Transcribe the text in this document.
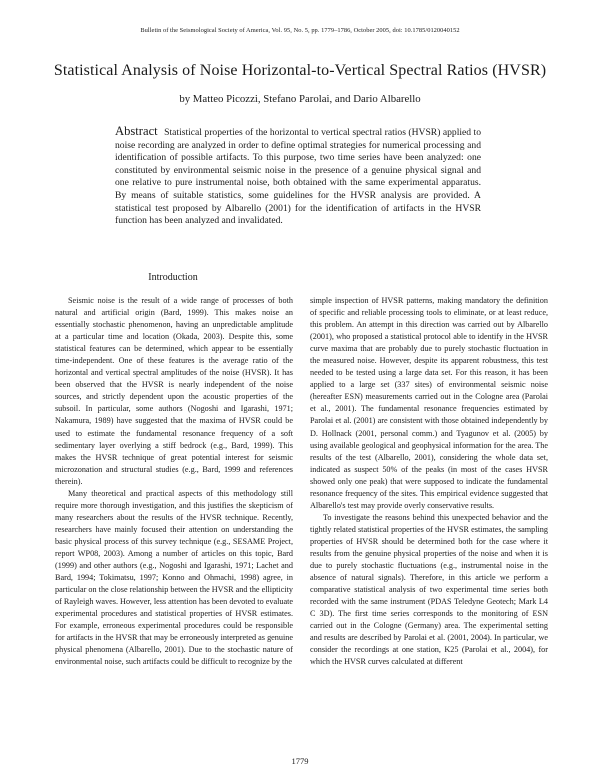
Bulletin of the Seismological Society of America, Vol. 95, No. 5, pp. 1779–1786, October 2005, doi: 10.1785/0120040152
Statistical Analysis of Noise Horizontal-to-Vertical Spectral Ratios (HVSR)
by Matteo Picozzi, Stefano Parolai, and Dario Albarello
Abstract Statistical properties of the horizontal to vertical spectral ratios (HVSR) applied to noise recording are analyzed in order to define optimal strategies for numerical processing and identification of possible artifacts. To this purpose, two time series have been analyzed: one constituted by environmental seismic noise in the presence of a genuine physical signal and one relative to pure instrumental noise, both obtained with the same experimental apparatus. By means of suitable statistics, some guidelines for the HVSR analysis are provided. A statistical test proposed by Albarello (2001) for the identification of artifacts in the HVSR function has been analyzed and invalidated.
Introduction

Seismic noise is the result of a wide range of processes of both natural and artificial origin (Bard, 1999). This makes noise an essentially stochastic phenomenon, having an unpredictable amplitude at a particular time and location (Okada, 2003). Despite this, some statistical features can be determined, which appear to be essentially time-independent. One of these features is the average ratio of the horizontal and vertical spectral amplitudes of the noise (HVSR). It has been observed that the HVSR is nearly independent of the noise sources, and strictly dependent upon the acoustic properties of the subsoil. In particular, some authors (Nogoshi and Igarashi, 1971; Nakamura, 1989) have suggested that the maxima of HVSR could be used to estimate the fundamental resonance frequency of a soft sedimentary layer overlying a stiff bedrock (e.g., Bard, 1999). This makes the HVSR technique of great potential interest for seismic microzonation and structural studies (e.g., Bard, 1999 and references therein).

Many theoretical and practical aspects of this methodology still require more thorough investigation, and this justifies the skepticism of many researchers about the results of the HVSR technique. Recently, researchers have mainly focused their attention on understanding the basic physical process of this survey technique (e.g., SESAME Project, report WP08, 2003). Among a number of articles on this topic, Bard (1999) and other authors (e.g., Nogoshi and Igarashi, 1971; Lachet and Bard, 1994; Tokimatsu, 1997; Konno and Ohmachi, 1998) agree, in particular on the close relationship between the HVSR and the ellipticity of Rayleigh waves. However, less attention has been devoted to evaluate experimental procedures and statistical properties of HVSR estimates. For example, erroneous experimental procedures could be responsible for artifacts in the HVSR that may be erroneously interpreted as genuine physical phenomena (Albarello, 2001). Due to the stochastic nature of environmental noise, such artifacts could be difficult to recognize by the

simple inspection of HVSR patterns, making mandatory the definition of specific and reliable processing tools to eliminate, or at least reduce, this problem. An attempt in this direction was carried out by Albarello (2001), who proposed a statistical protocol able to identify in the HVSR curve maxima that are probably due to purely stochastic fluctuation in the measured noise. However, despite its apparent robustness, this test needed to be tested using a large data set. For this reason, it has been applied to a large set (337 sites) of environmental seismic noise (hereafter ESN) measurements carried out in the Cologne area (Parolai et al., 2001). The fundamental resonance frequencies estimated by Parolai et al. (2001) are consistent with those obtained independently by D. Hollnack (2001, personal comm.) and Tyagunov et al. (2005) by using available geological and geophysical information for the area. The results of the test (Albarello, 2001), considering the whole data set, indicated as suspect 50% of the peaks (in most of the cases HVSR showed only one peak) that were supposed to indicate the fundamental resonance frequency of the sites. This empirical evidence suggested that Albarello's test may provide overly conservative results.

To investigate the reasons behind this unexpected behavior and the tightly related statistical properties of the HVSR estimates, the sampling properties of HVSR should be determined both for the case where it results from the genuine physical properties of the noise and when it is due to purely stochastic fluctuations (e.g., instrumental noise in the absence of natural signals). Therefore, in this article we perform a comparative statistical analysis of two experimental time series both recorded with the same instrument (PDAS Teledyne Geotech; Mark L4 C 3D). The first time series corresponds to the monitoring of ESN carried out in the Cologne (Germany) area. The experimental setting and results are described by Parolai et al. (2001, 2004). In particular, we consider the recordings at one station, K25 (Parolai et al., 2004), for which the HVSR curves calculated at different

1779
